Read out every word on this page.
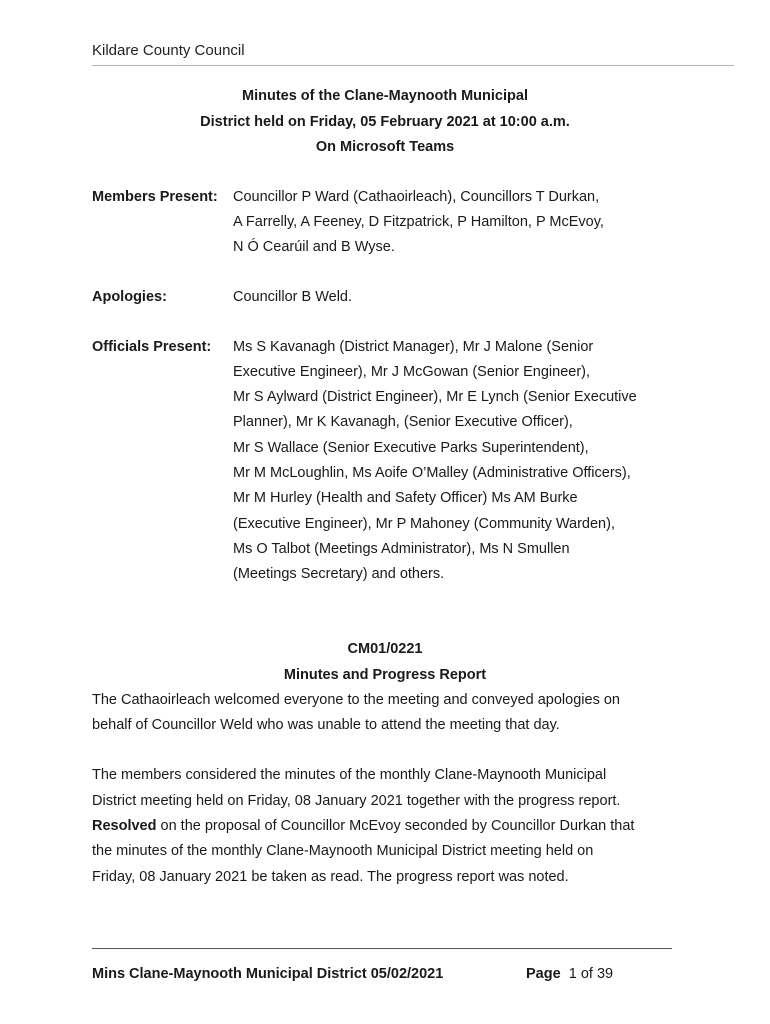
Kildare County Council
Minutes of the Clane-Maynooth Municipal
District held on Friday, 05 February 2021 at 10:00 a.m.
On Microsoft Teams
Members Present: Councillor P Ward (Cathaoirleach), Councillors T Durkan,
A Farrelly, A Feeney, D Fitzpatrick, P Hamilton, P McEvoy,
N Ó Cearúil and B Wyse.
Apologies:	Councillor B Weld.
Officials Present: Ms S Kavanagh (District Manager), Mr J Malone (Senior
Executive Engineer), Mr J McGowan (Senior Engineer),
Mr S Aylward (District Engineer), Mr E Lynch (Senior Executive
Planner), Mr K Kavanagh, (Senior Executive Officer),
Mr S Wallace (Senior Executive Parks Superintendent),
Mr M McLoughlin, Ms Aoife O’Malley (Administrative Officers),
Mr M Hurley (Health and Safety Officer) Ms AM Burke
(Executive Engineer), Mr P Mahoney (Community Warden),
Ms O Talbot (Meetings Administrator), Ms N Smullen
(Meetings Secretary) and others.
CM01/0221
Minutes and Progress Report
The Cathaoirleach welcomed everyone to the meeting and conveyed apologies on
behalf of Councillor Weld who was unable to attend the meeting that day.
The members considered the minutes of the monthly Clane-Maynooth Municipal
District meeting held on Friday, 08 January 2021 together with the progress report.
Resolved on the proposal of Councillor McEvoy seconded by Councillor Durkan that
the minutes of the monthly Clane-Maynooth Municipal District meeting held on
Friday, 08 January 2021 be taken as read. The progress report was noted.
Mins Clane-Maynooth Municipal District 05/02/2021	Page 1 of 39
